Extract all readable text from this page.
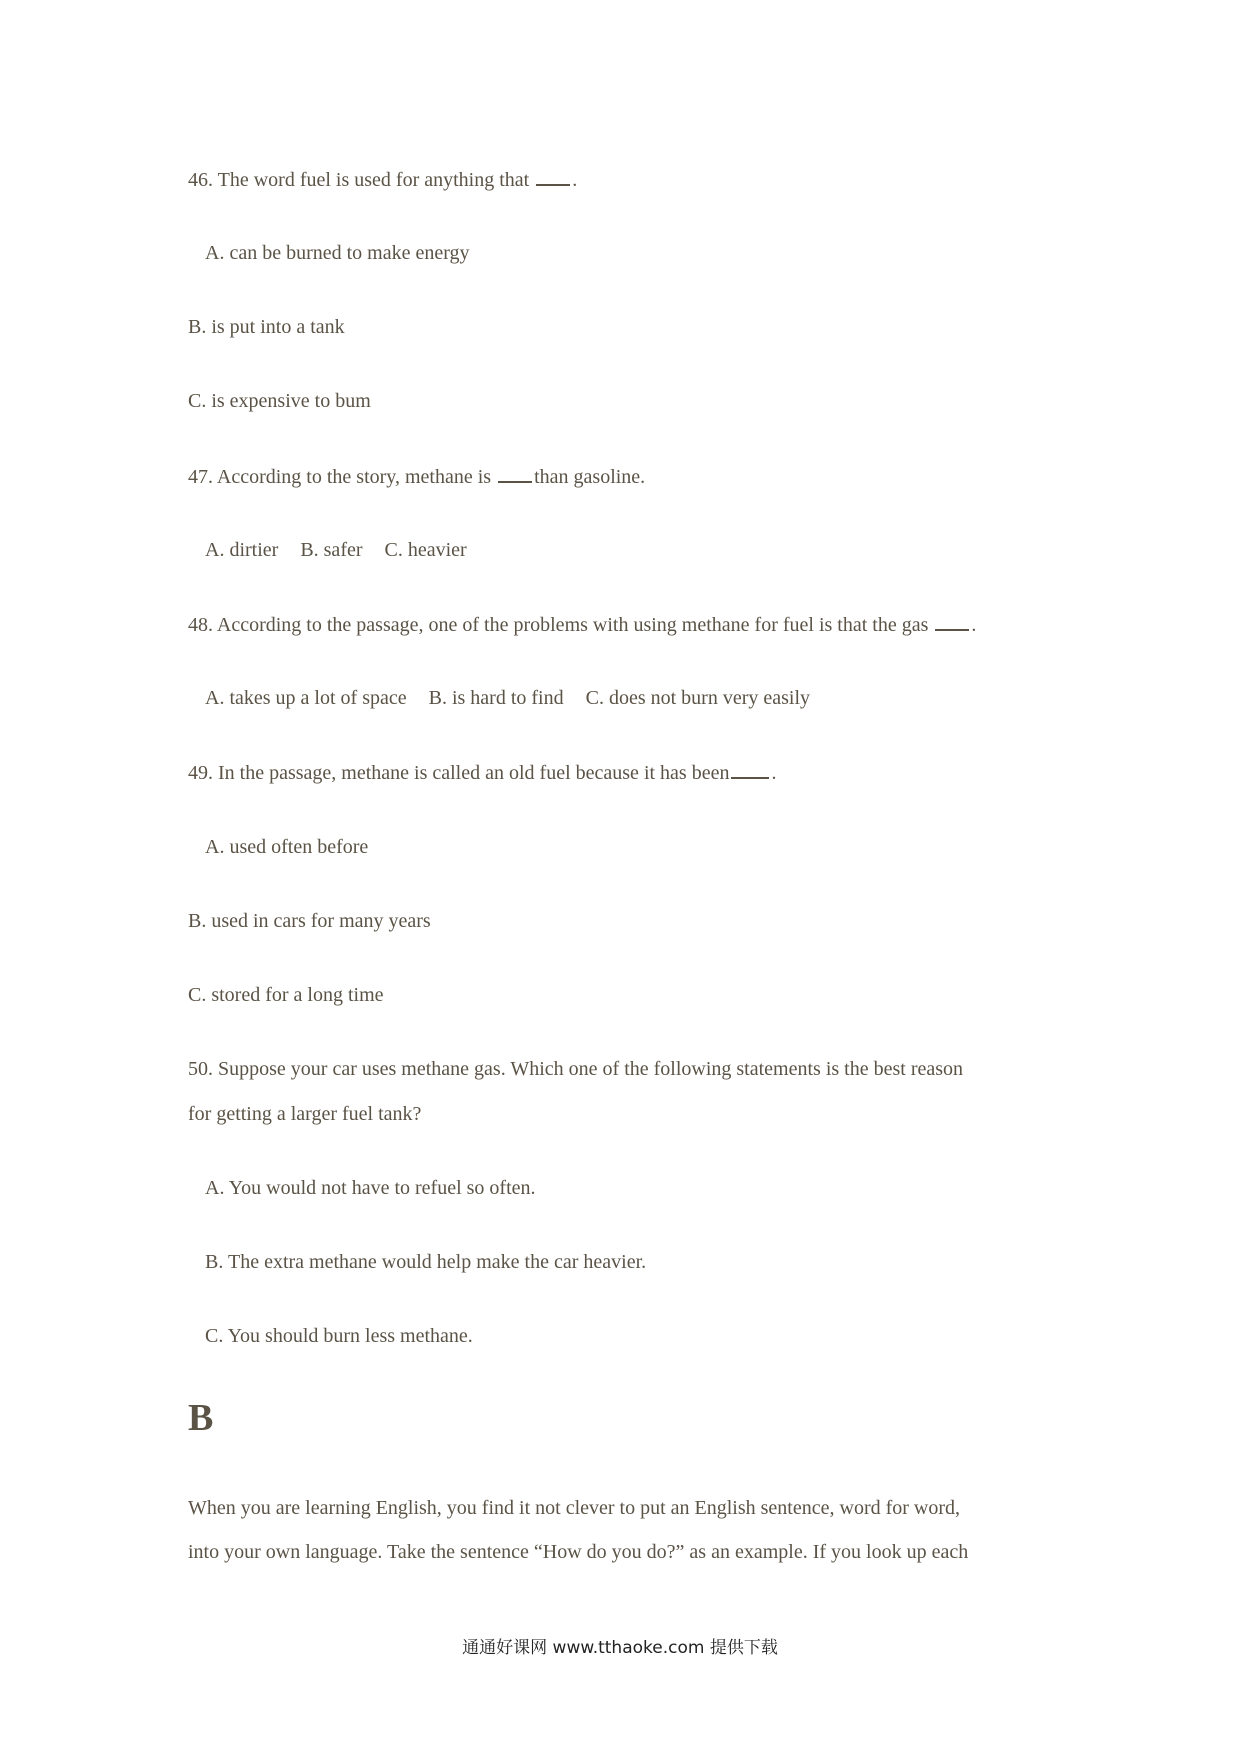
46. The word fuel is used for anything that .
A. can be burned to make energy
B. is put into a tank
C. is expensive to bum
47. According to the story, methane is than gasoline.
A. dirtier B. safer C. heavier
48. According to the passage, one of the problems with using methane for fuel is that the gas .
A. takes up a lot of space B. is hard to find C. does not burn very easily
49. In the passage, methane is called an old fuel because it has been .
A. used often before
B. used in cars for many years
C. stored for a long time
50. Suppose your car uses methane gas. Which one of the following statements is the best reason
for getting a larger fuel tank?
A. You would not have to refuel so often.
B. The extra methane would help make the car heavier.
C. You should burn less methane.
B
When you are learning English, you find it not clever to put an English sentence, word for word,
into your own language. Take the sentence “How do you do?” as an example. If you look up each
通通好课网 www.tthaoke.com 提供下载
